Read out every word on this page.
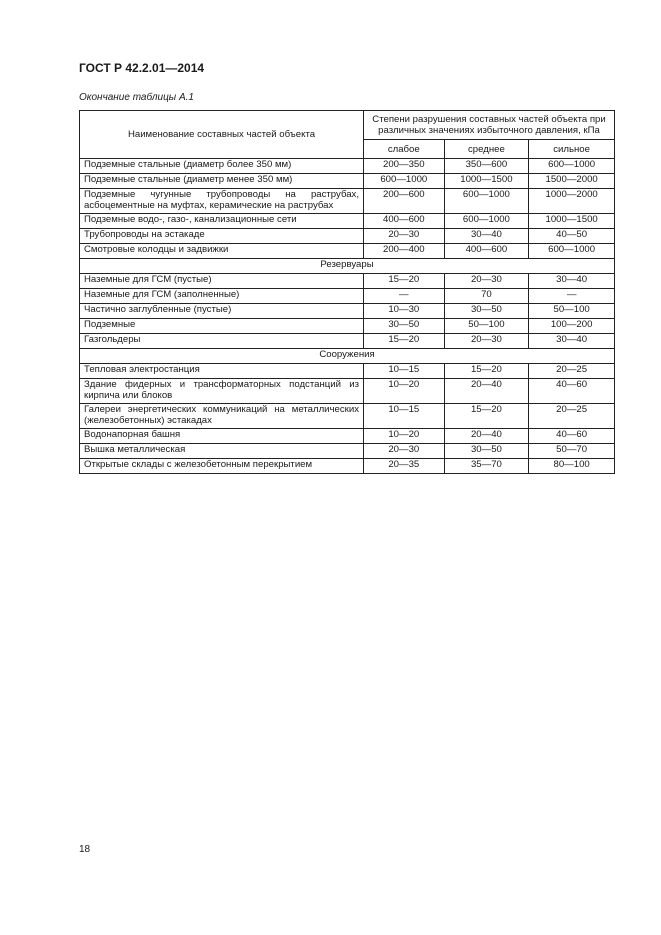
ГОСТ Р 42.2.01—2014
Окончание таблицы А.1
Наименование составных частей объекта	Степени разрушения составных частей объекта при различных значениях избыточного давления, кПа		
	слабое	среднее	сильное
Подземные стальные (диаметр более 350 мм)	200—350	350—600	600—1000
Подземные стальные (диаметр менее 350 мм)	600—1000	1000—1500	1500—2000
Подземные чугунные трубопроводы на раструбах, асбоцементные на муфтах, керамические на раструбах	200—600	600—1000	1000—2000
Подземные водо-, газо-, канализационные сети	400—600	600—1000	1000—1500
Трубопроводы на эстакаде	20—30	30—40	40—50
Смотровые колодцы и задвижки	200—400	400—600	600—1000
Резервуары			
Наземные для ГСМ (пустые)	15—20	20—30	30—40
Наземные для ГСМ (заполненные)	—	70	—
Частично заглубленные (пустые)	10—30	30—50	50—100
Подземные	30—50	50—100	100—200
Газгольдеры	15—20	20—30	30—40
Сооружения			
Тепловая электростанция	10—15	15—20	20—25
Здание фидерных и трансформаторных подстанций из кирпича или блоков	10—20	20—40	40—60
Галереи энергетических коммуникаций на металлических (железобетонных) эстакадах	10—15	15—20	20—25
Водонапорная башня	10—20	20—40	40—60
Вышка металлическая	20—30	30—50	50—70
Открытые склады с железобетонным перекрытием	20—35	35—70	80—100
18
